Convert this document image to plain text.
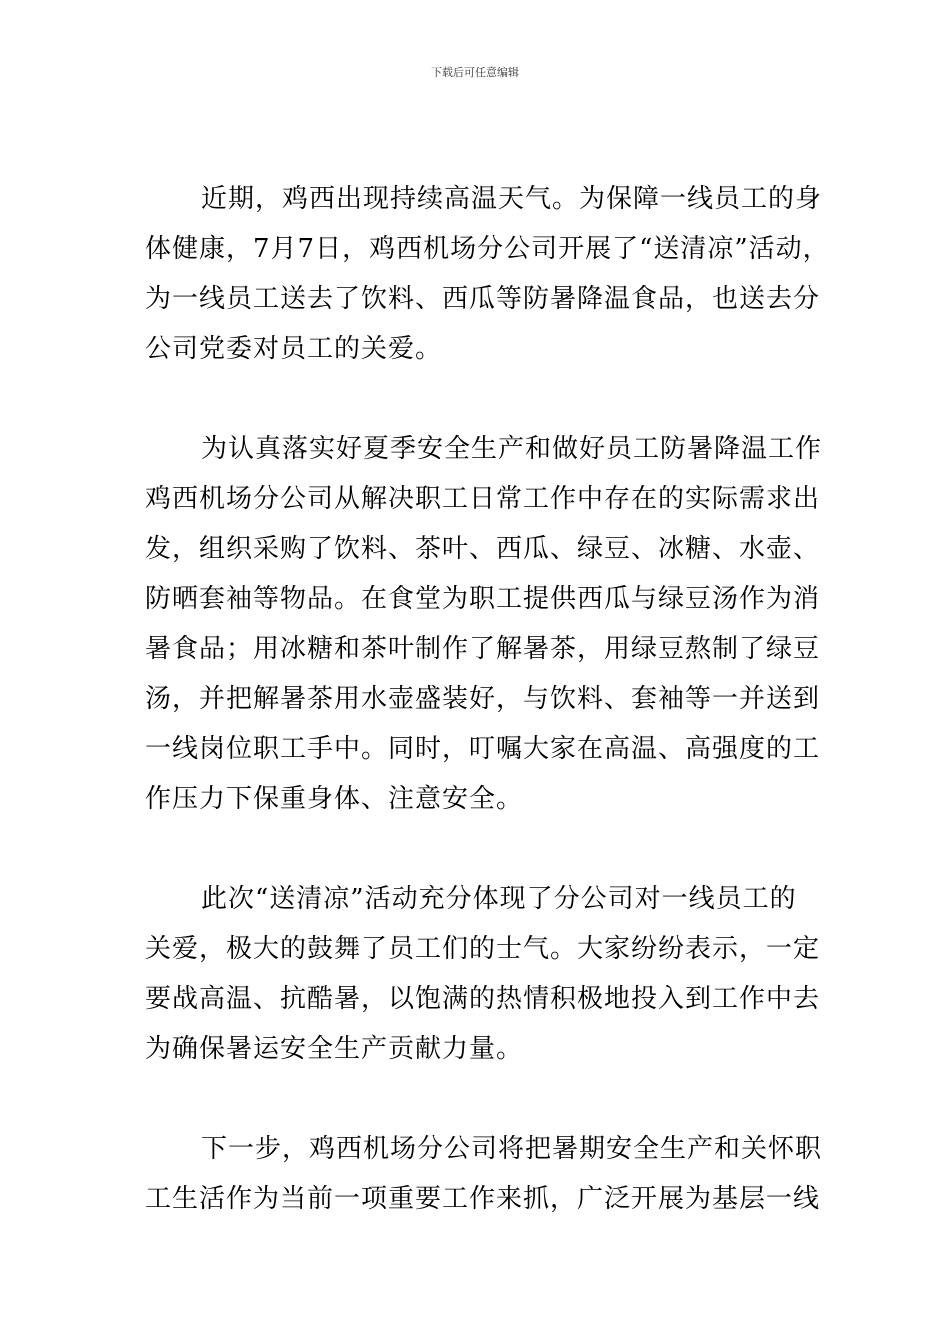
下载后可任意编辑

近期，鸡西出现持续高温天气。为保障一线员工的身
体健康，7月7日，鸡西机场分公司开展了“送清凉”活动，
为一线员工送去了饮料、西瓜等防暑降温食品，也送去分
公司党委对员工的关爱。

为认真落实好夏季安全生产和做好员工防暑降温工作
鸡西机场分公司从解决职工日常工作中存在的实际需求出
发，组织采购了饮料、茶叶、西瓜、绿豆、冰糖、水壶、
防晒套袖等物品。在食堂为职工提供西瓜与绿豆汤作为消
暑食品；用冰糖和茶叶制作了解暑茶，用绿豆熬制了绿豆
汤，并把解暑茶用水壶盛装好，与饮料、套袖等一并送到
一线岗位职工手中。同时，叮嘱大家在高温、高强度的工
作压力下保重身体、注意安全。

此次“送清凉”活动充分体现了分公司对一线员工的
关爱，极大的鼓舞了员工们的士气。大家纷纷表示，一定
要战高温、抗酷暑，以饱满的热情积极地投入到工作中去
为确保暑运安全生产贡献力量。

下一步，鸡西机场分公司将把暑期安全生产和关怀职
工生活作为当前一项重要工作来抓，广泛开展为基层一线
